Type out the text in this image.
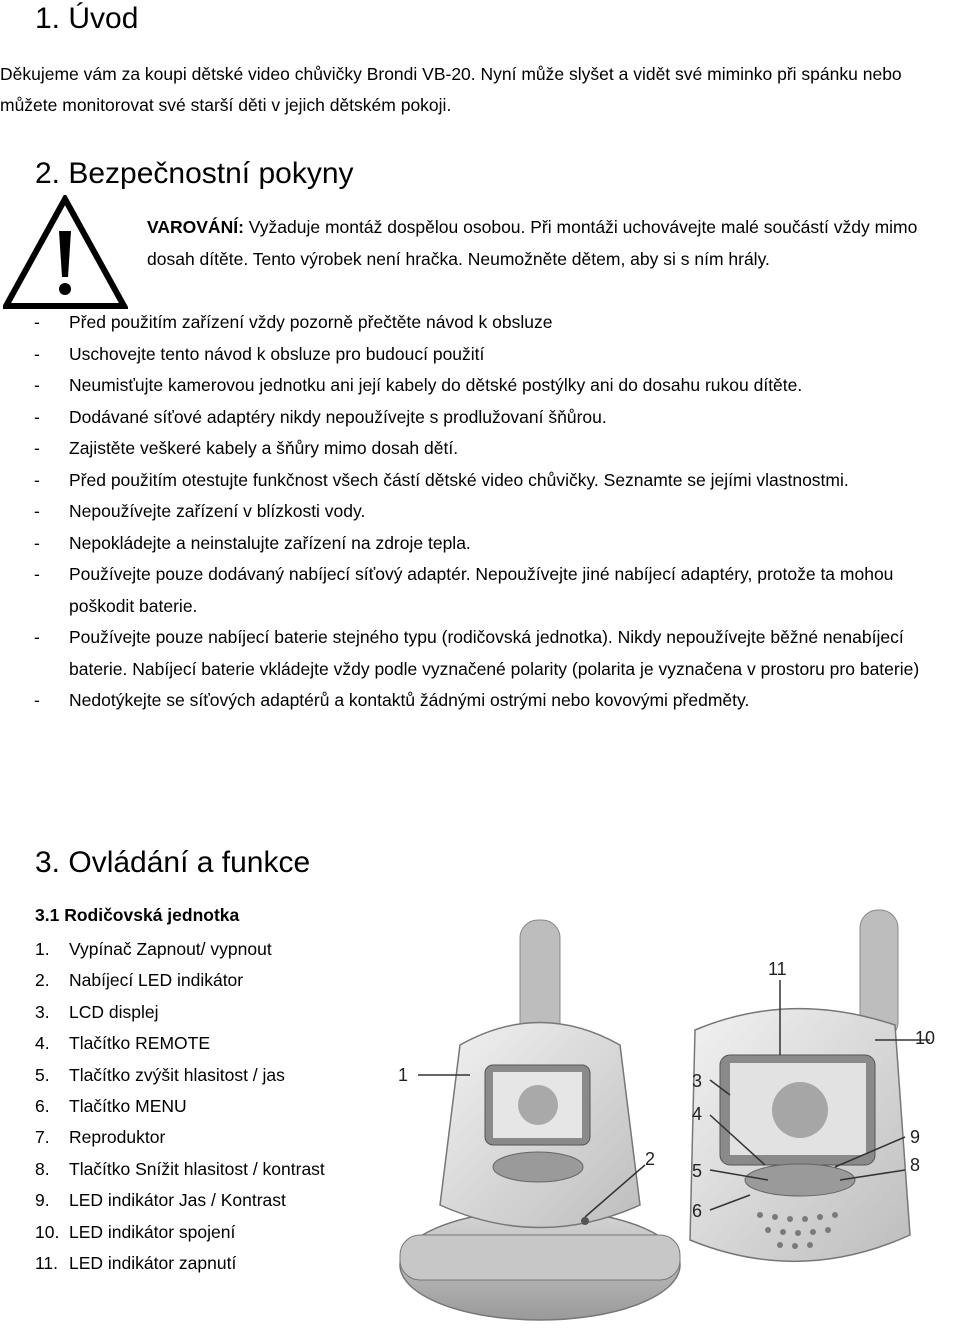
1. Úvod

Děkujeme vám za koupi dětské video chůvičky Brondi VB-20. Nyní může slyšet a vidět své miminko při spánku nebo můžete monitorovat své starší děti v jejich dětském pokoji.

2. Bezpečnostní pokyny

VAROVÁNÍ: Vyžaduje montáž dospělou osobou. Při montáži uchovávejte malé součástí vždy mimo dosah dítěte. Tento výrobek není hračka. Neumožněte dětem, aby si s ním hrály.

- Před použitím zařízení vždy pozorně přečtěte návod k obsluze
- Uschovejte tento návod k obsluze pro budoucí použití
- Neumisťujte kamerovou jednotku ani její kabely do dětské postýlky ani do dosahu rukou dítěte.
- Dodávané síťové adaptéry nikdy nepoužívejte s prodlužovaní šňůrou.
- Zajistěte veškeré kabely a šňůry mimo dosah dětí.
- Před použitím otestujte funkčnost všech částí dětské video chůvičky. Seznamte se jejími vlastnostmi.
- Nepoužívejte zařízení v blízkosti vody.
- Nepokládejte a neinstalujte zařízení na zdroje tepla.
- Používejte pouze dodávaný nabíjecí síťový adaptér. Nepoužívejte jiné nabíjecí adaptéry, protože ta mohou poškodit baterie.
- Používejte pouze nabíjecí baterie stejného typu (rodičovská jednotka). Nikdy nepoužívejte běžné nenabíjecí baterie. Nabíjecí baterie vkládejte vždy podle vyznačené polarity (polarita je vyznačena v prostoru pro baterie)
- Nedotýkejte se síťových adaptérů a kontaktů žádnými ostrými nebo kovovými předměty.
3. Ovládání a funkce

3.1 Rodičovská jednotka

1. Vypínač Zapnout/ vypnout
2. Nabíjecí LED indikátor
3. LCD displej
4. Tlačítko REMOTE
5. Tlačítko zvýšit hlasitost / jas
6. Tlačítko MENU
7. Reproduktor
8. Tlačítko Snížit hlasitost / kontrast
9. LED indikátor Jas / Kontrast
10. LED indikátor spojení
11. LED indikátor zapnutí
1
2
3
4
5
6
8
9
10
11
